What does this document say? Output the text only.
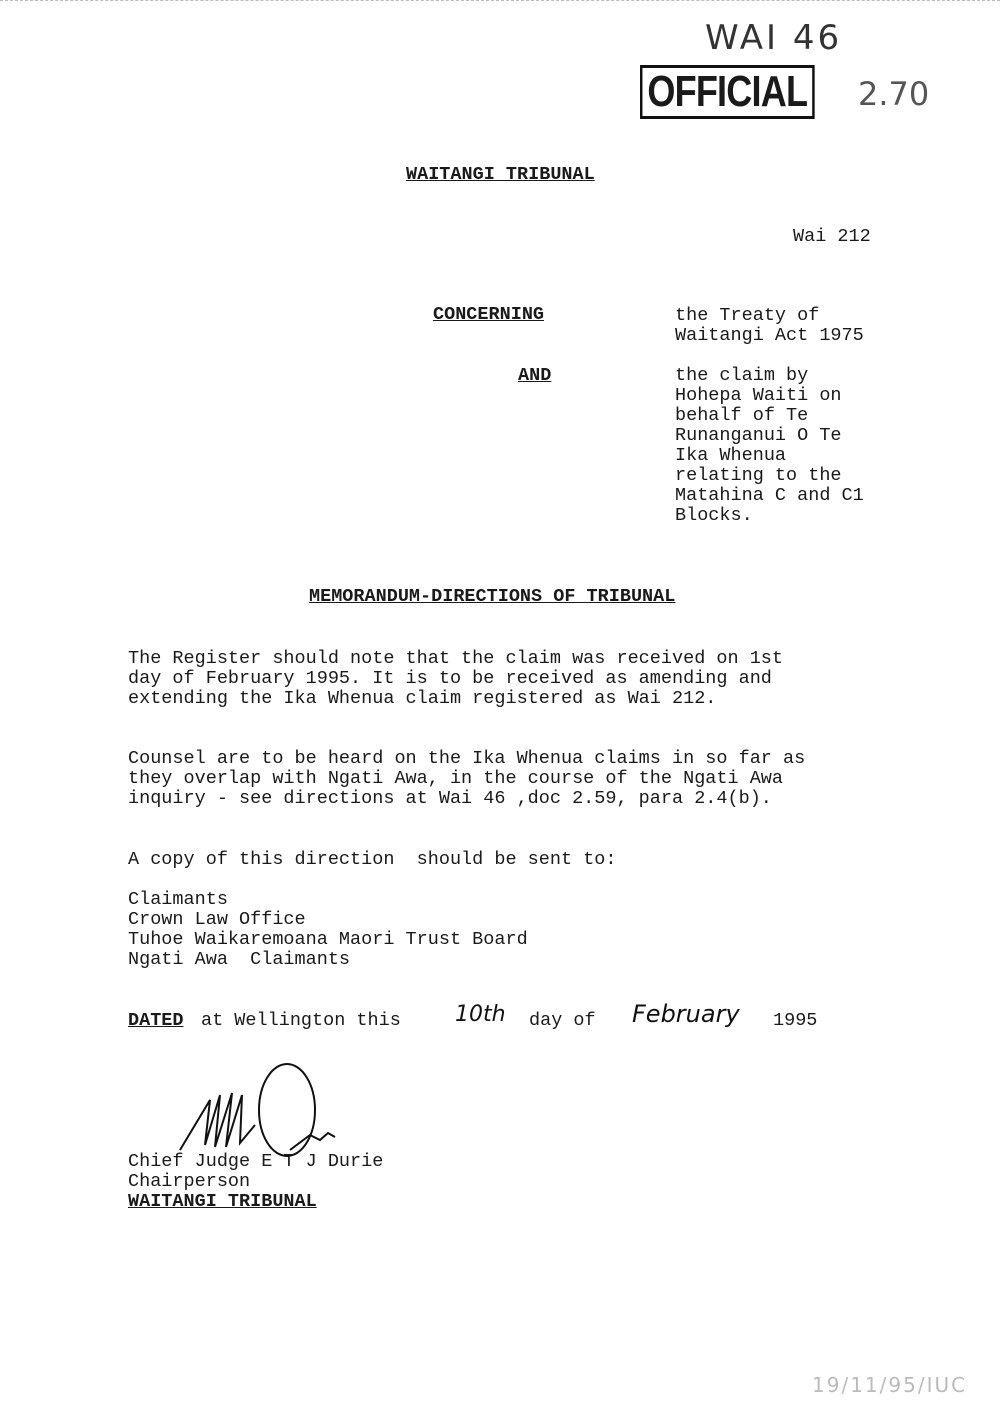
WAI 46
OFFICIAL 2.70
WAITANGI TRIBUNAL
Wai 212
CONCERNING	the Treaty of
Waitangi Act 1975
AND	the claim by
Hohepa Waiti on
behalf of Te
Runanganui O Te
Ika Whenua
relating to the
Matahina C and C1
Blocks.
MEMORANDUM-DIRECTIONS OF TRIBUNAL
The Register should note that the claim was received on 1st
day of February 1995. It is to be received as amending and
extending the Ika Whenua claim registered as Wai 212.
Counsel are to be heard on the Ika Whenua claims in so far as
they overlap with Ngati Awa, in the course of the Ngati Awa
inquiry - see directions at Wai 46 ,doc 2.59, para 2.4(b).
A copy of this direction  should be sent to:
Claimants
Crown Law Office
Tuhoe Waikaremoana Maori Trust Board
Ngati Awa  Claimants
DATED at Wellington this 10th day of February 1995
Chief Judge E T J Durie
Chairperson
WAITANGI TRIBUNAL
19/11/95/IUC
